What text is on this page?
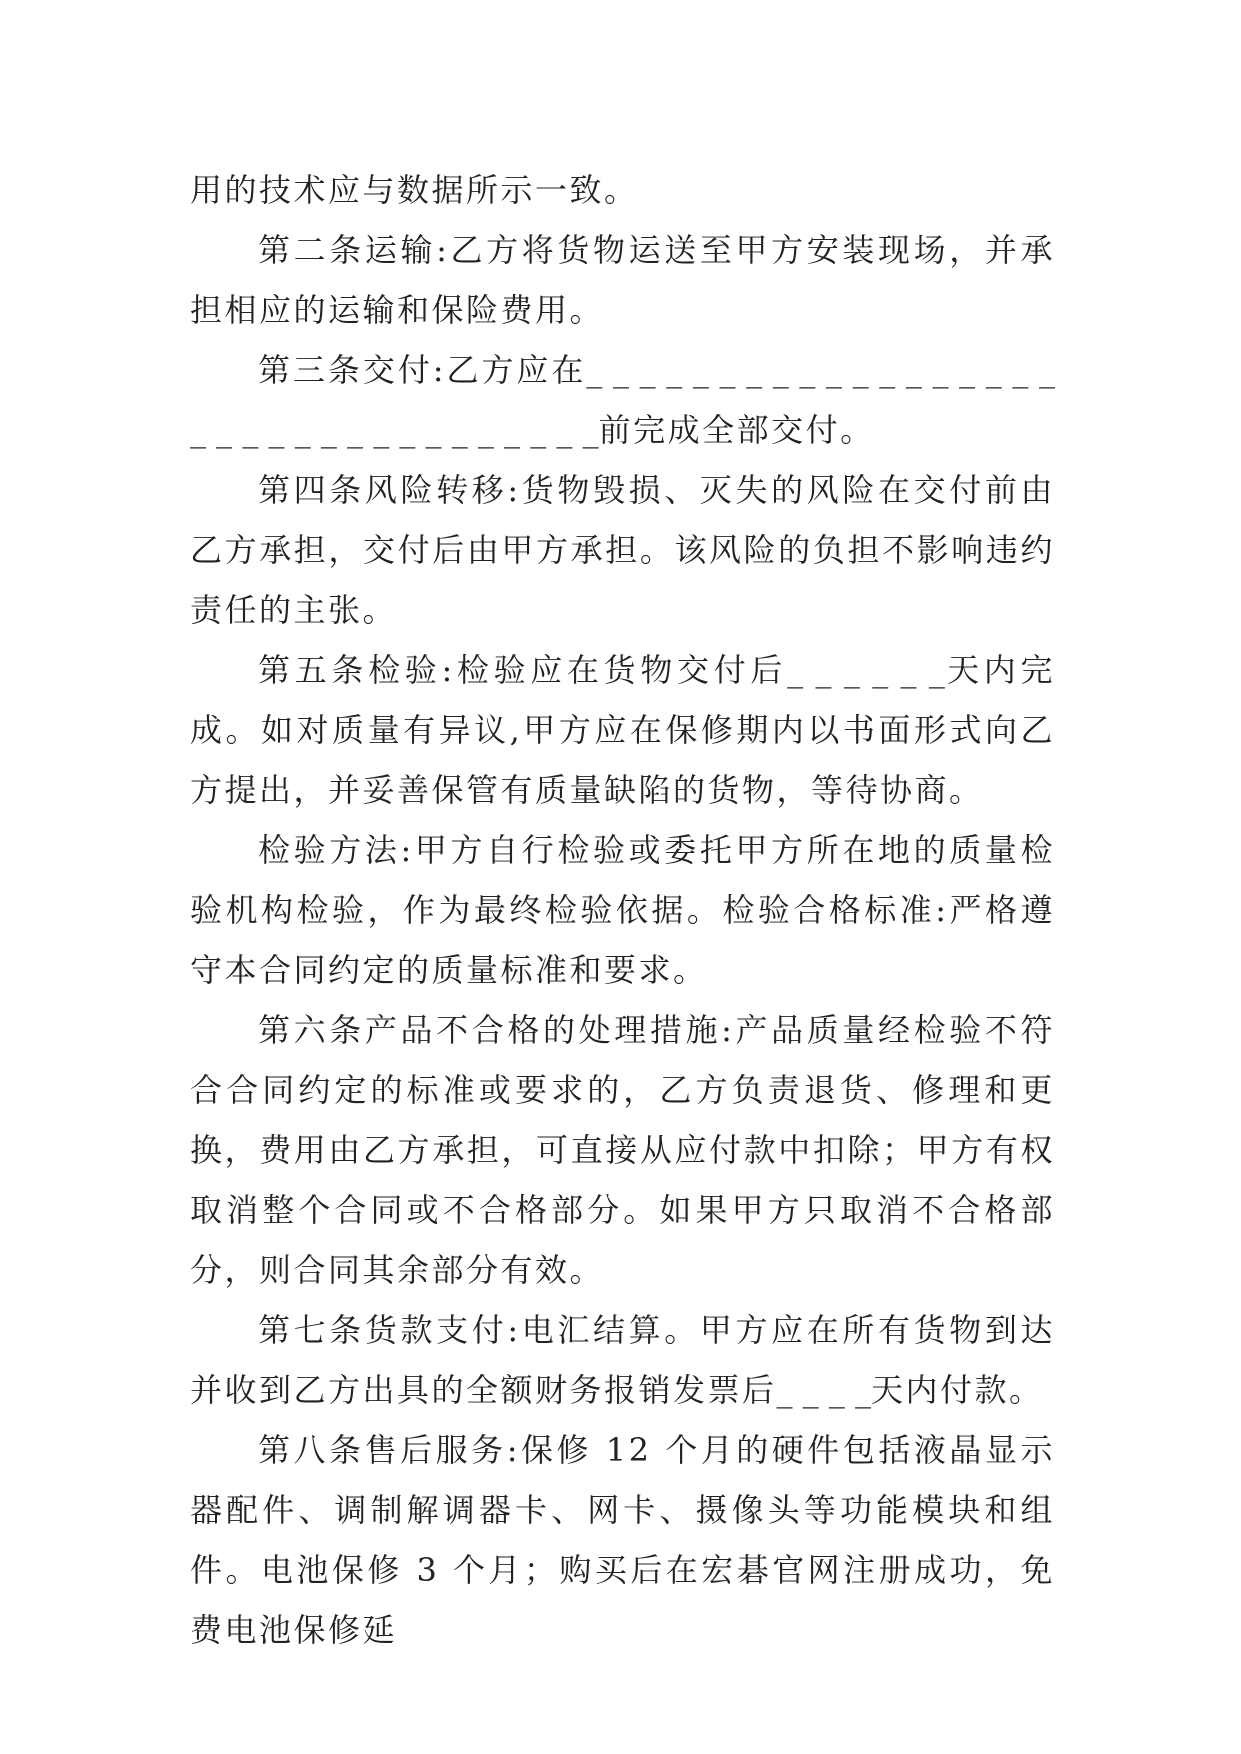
用的技术应与数据所示一致。

第二条运输:乙方将货物运送至甲方安装现场，并承担相应的运输和保险费用。

第三条交付:乙方应在_ _ _ _ _ _ _ _ _ _ _ _ _ _ _ _ _ _ _ _ _ _ _ _ _ _ _ _ _ _ _ _ _ _前完成全部交付。

第四条风险转移:货物毁损、灭失的风险在交付前由乙方承担，交付后由甲方承担。该风险的负担不影响违约责任的主张。

第五条检验:检验应在货物交付后_ _ _ _ _ _天内完成。如对质量有异议,甲方应在保修期内以书面形式向乙方提出，并妥善保管有质量缺陷的货物，等待协商。

检验方法:甲方自行检验或委托甲方所在地的质量检验机构检验，作为最终检验依据。检验合格标准:严格遵守本合同约定的质量标准和要求。

第六条产品不合格的处理措施:产品质量经检验不符合合同约定的标准或要求的，乙方负责退货、修理和更换，费用由乙方承担，可直接从应付款中扣除；甲方有权取消整个合同或不合格部分。如果甲方只取消不合格部分，则合同其余部分有效。

第七条货款支付:电汇结算。甲方应在所有货物到达并收到乙方出具的全额财务报销发票后_ _ _ _天内付款。

第八条售后服务:保修 12 个月的硬件包括液晶显示器配件、调制解调器卡、网卡、摄像头等功能模块和组件。电池保修 3 个月；购买后在宏碁官网注册成功，免费电池保修延
